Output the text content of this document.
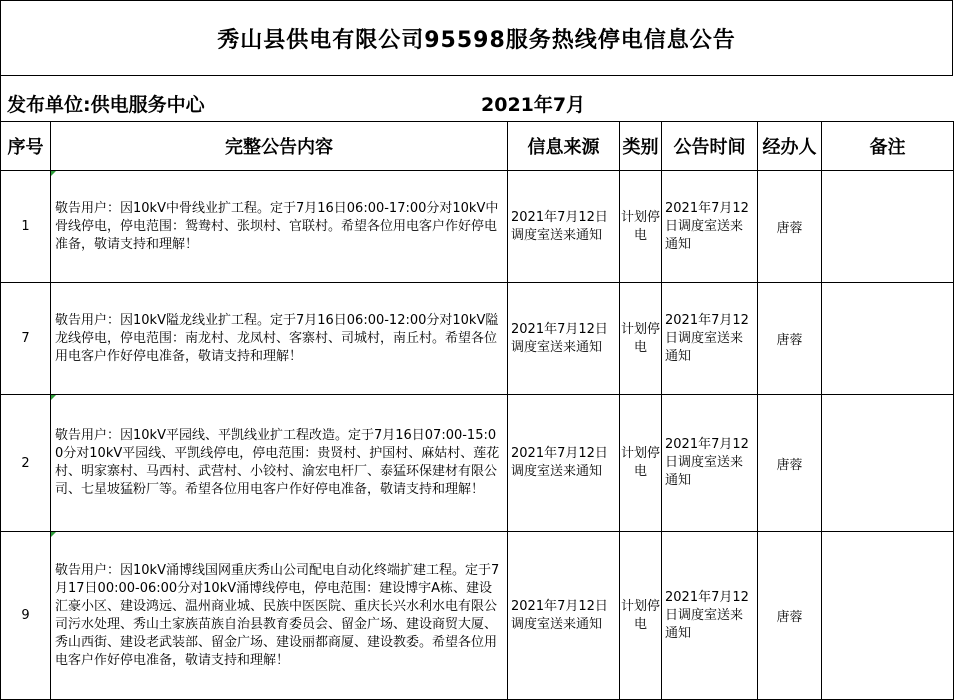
秀山县供电有限公司95598服务热线停电信息公告
发布单位:供电服务中心	2021年7月
序号	完整公告内容	信息来源	类别	公告时间	经办人	备注
1	敬告用户：因10kV中骨线业扩工程。定于7月16日06:00-17:00分对10kV中骨线停电，停电范围：鸳鸯村、张坝村、官联村。希望各位用电客户作好停电准备，敬请支持和理解！	2021年7月12日调度室送来通知	计划停电	2021年7月12日调度室送来通知	唐蓉	
7	敬告用户：因10kV隘龙线业扩工程。定于7月16日06:00-12:00分对10kV隘龙线停电，停电范围：南龙村、龙凤村、客寨村、司城村，南丘村。希望各位用电客户作好停电准备，敬请支持和理解！	2021年7月12日调度室送来通知	计划停电	2021年7月12日调度室送来通知	唐蓉	
2	敬告用户：因10kV平园线、平凯线业扩工程改造。定于7月16日07:00-15:00分对10kV平园线、平凯线停电，停电范围：贵贤村、护国村、麻姑村、莲花村、明家寨村、马西村、武营村、小铰村、渝宏电杆厂、泰猛环保建材有限公司、七星坡猛粉厂等。希望各位用电客户作好停电准备，敬请支持和理解！	2021年7月12日调度室送来通知	计划停电	2021年7月12日调度室送来通知	唐蓉	
9	敬告用户：因10kV涌博线国网重庆秀山公司配电自动化终端扩建工程。定于7月17日00:00-06:00分对10kV涌博线停电，停电范围：建设博宇A栋、建设汇豪小区、建设鸿远、温州商业城、民族中医医院、重庆长兴水利水电有限公司污水处理、秀山土家族苗族自治县教育委员会、留金广场、建设商贸大厦、秀山西街、建设老武装部、留金广场、建设丽都商厦、建设教委。希望各位用电客户作好停电准备，敬请支持和理解！	2021年7月12日调度室送来通知	计划停电	2021年7月12日调度室送来通知	唐蓉	
